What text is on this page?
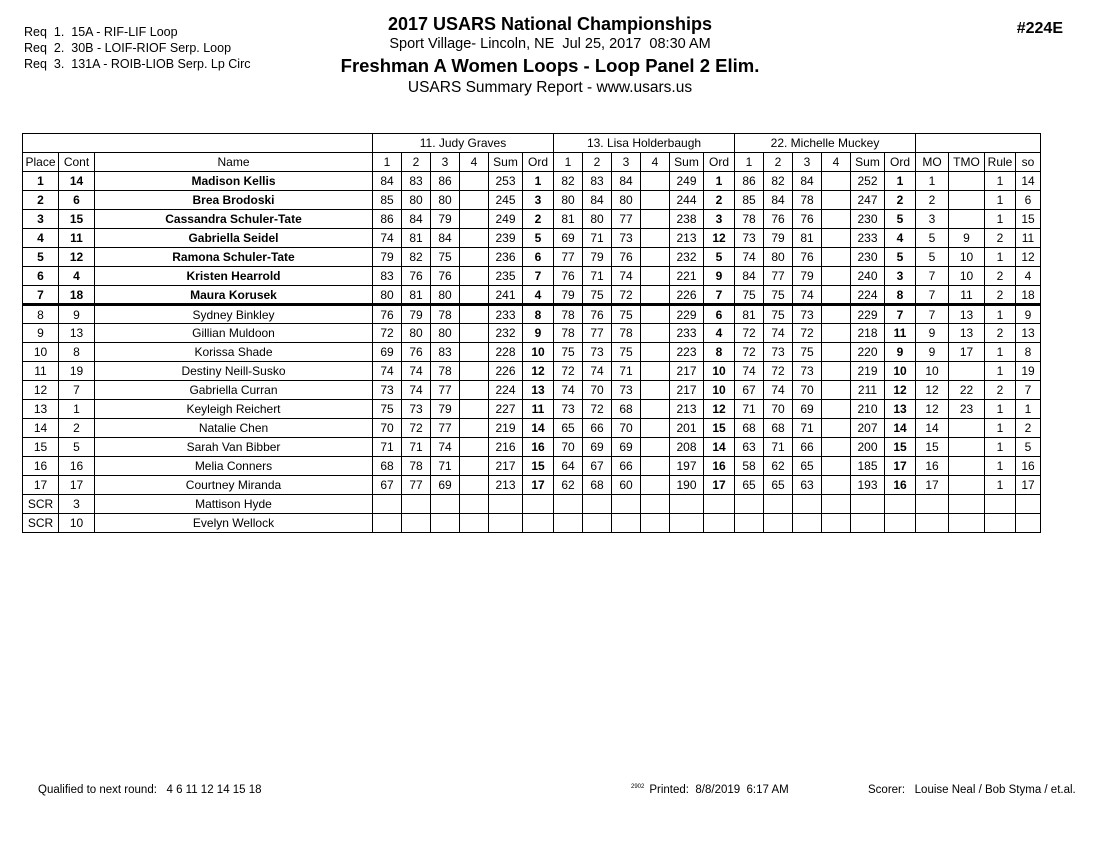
Req  1.  15A - RIF-LIF Loop
Req  2.  30B - LOIF-RIOF Serp. Loop
Req  3.  131A - ROIB-LIOB Serp. Lp Circ
2017 USARS National Championships
Sport Village- Lincoln, NE  Jul 25, 2017  08:30 AM
Freshman A Women Loops - Loop Panel 2 Elim.
USARS Summary Report - www.usars.us
#224E
			11. Judy Graves						13. Lisa Holderbaugh						22. Michelle Muckey									
Place	Cont	Name	1	2	3	4	Sum	Ord	1	2	3	4	Sum	Ord	1	2	3	4	Sum	Ord	MO	TMO	Rule	so
1	14	Madison Kellis	84	83	86		253	1	82	83	84		249	1	86	82	84		252	1	1		1	14
2	6	Brea Brodoski	85	80	80		245	3	80	84	80		244	2	85	84	78		247	2	2		1	6
3	15	Cassandra Schuler-Tate	86	84	79		249	2	81	80	77		238	3	78	76	76		230	5	3		1	15
4	11	Gabriella Seidel	74	81	84		239	5	69	71	73		213	12	73	79	81		233	4	5	9	2	11
5	12	Ramona Schuler-Tate	79	82	75		236	6	77	79	76		232	5	74	80	76		230	5	5	10	1	12
6	4	Kristen Hearrold	83	76	76		235	7	76	71	74		221	9	84	77	79		240	3	7	10	2	4
7	18	Maura Korusek	80	81	80		241	4	79	75	72		226	7	75	75	74		224	8	7	11	2	18
8	9	Sydney Binkley	76	79	78		233	8	78	76	75		229	6	81	75	73		229	7	7	13	1	9
9	13	Gillian Muldoon	72	80	80		232	9	78	77	78		233	4	72	74	72		218	11	9	13	2	13
10	8	Korissa Shade	69	76	83		228	10	75	73	75		223	8	72	73	75		220	9	9	17	1	8
11	19	Destiny Neill-Susko	74	74	78		226	12	72	74	71		217	10	74	72	73		219	10	10		1	19
12	7	Gabriella Curran	73	74	77		224	13	74	70	73		217	10	67	74	70		211	12	12	22	2	7
13	1	Keyleigh Reichert	75	73	79		227	11	73	72	68		213	12	71	70	69		210	13	12	23	1	1
14	2	Natalie Chen	70	72	77		219	14	65	66	70		201	15	68	68	71		207	14	14		1	2
15	5	Sarah Van Bibber	71	71	74		216	16	70	69	69		208	14	63	71	66		200	15	15		1	5
16	16	Melia Conners	68	78	71		217	15	64	67	66		197	16	58	62	65		185	17	16		1	16
17	17	Courtney Miranda	67	77	69		213	17	62	68	60		190	17	65	65	63		193	16	17		1	17
SCR	3	Mattison Hyde																						
SCR	10	Evelyn Wellock																						
Qualified to next round:   4 6 11 12 14 15 18	$^{2902}$ Printed:  8/8/2019  6:17 AM	Scorer:   Louise Neal / Bob Styma / et.al.
